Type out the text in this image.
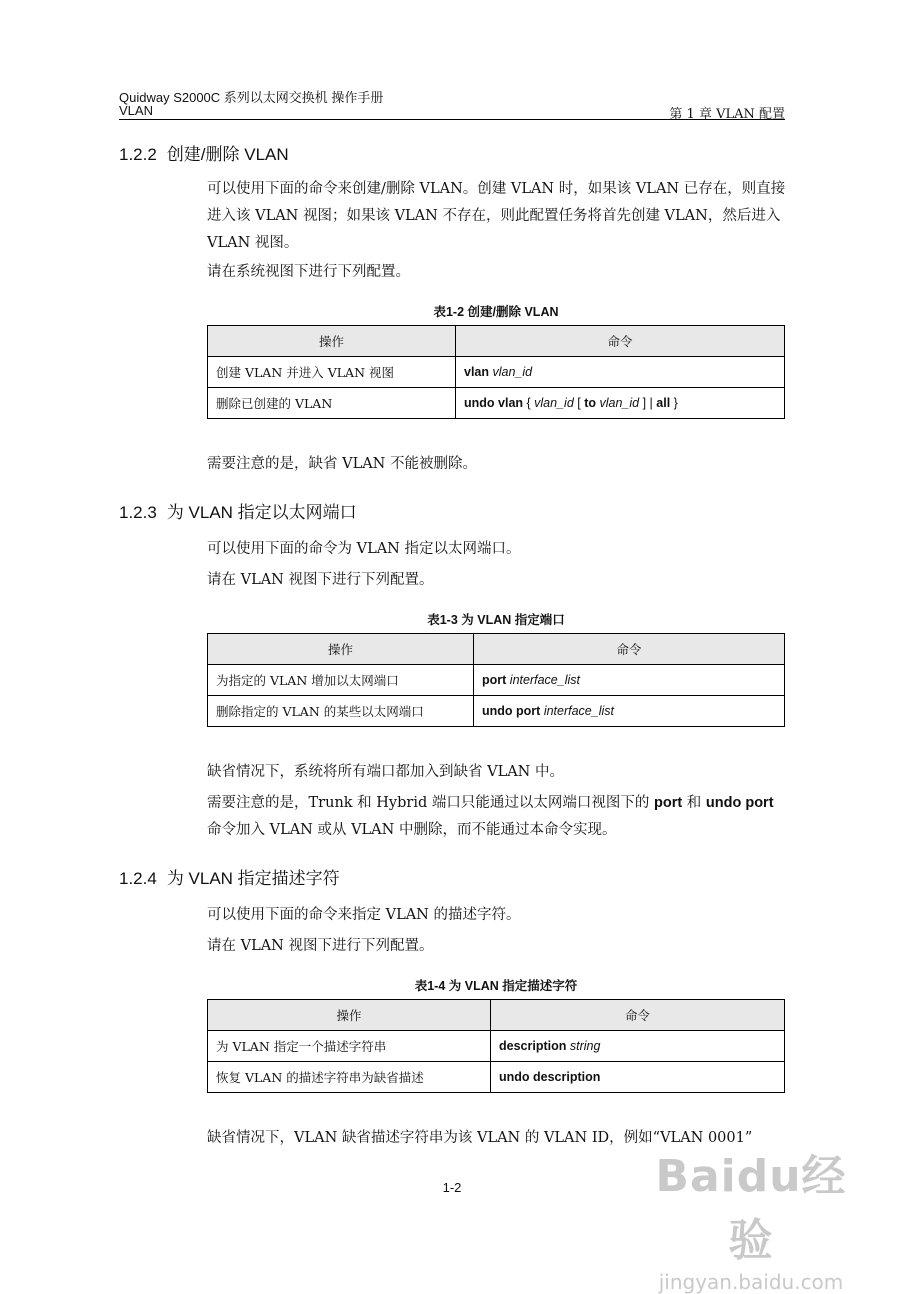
Quidway S2000C 系列以太网交换机 操作手册
VLAN	第 1 章 VLAN 配置
1.2.2 创建/删除 VLAN
可以使用下面的命令来创建/删除 VLAN。创建 VLAN 时，如果该 VLAN 已存在，则直接进入该 VLAN 视图；如果该 VLAN 不存在，则此配置任务将首先创建 VLAN，然后进入 VLAN 视图。
请在系统视图下进行下列配置。
表1-2 创建/删除 VLAN
操作	命令
创建 VLAN 并进入 VLAN 视图	vlan vlan_id
删除已创建的 VLAN	undo vlan { vlan_id [ to vlan_id ] | all }
需要注意的是，缺省 VLAN 不能被删除。
1.2.3 为 VLAN 指定以太网端口
可以使用下面的命令为 VLAN 指定以太网端口。
请在 VLAN 视图下进行下列配置。
表1-3 为 VLAN 指定端口
操作	命令
为指定的 VLAN 增加以太网端口	port interface_list
删除指定的 VLAN 的某些以太网端口	undo port interface_list
缺省情况下，系统将所有端口都加入到缺省 VLAN 中。
需要注意的是，Trunk 和 Hybrid 端口只能通过以太网端口视图下的 port 和 undo port 命令加入 VLAN 或从 VLAN 中删除，而不能通过本命令实现。
1.2.4 为 VLAN 指定描述字符
可以使用下面的命令来指定 VLAN 的描述字符。
请在 VLAN 视图下进行下列配置。
表1-4 为 VLAN 指定描述字符
操作	命令
为 VLAN 指定一个描述字符串	description string
恢复 VLAN 的描述字符串为缺省描述	undo description
缺省情况下，VLAN 缺省描述字符串为该 VLAN 的 VLAN ID，例如“VLAN 0001”
1-2	Baidu经验
jingyan.baidu.com
